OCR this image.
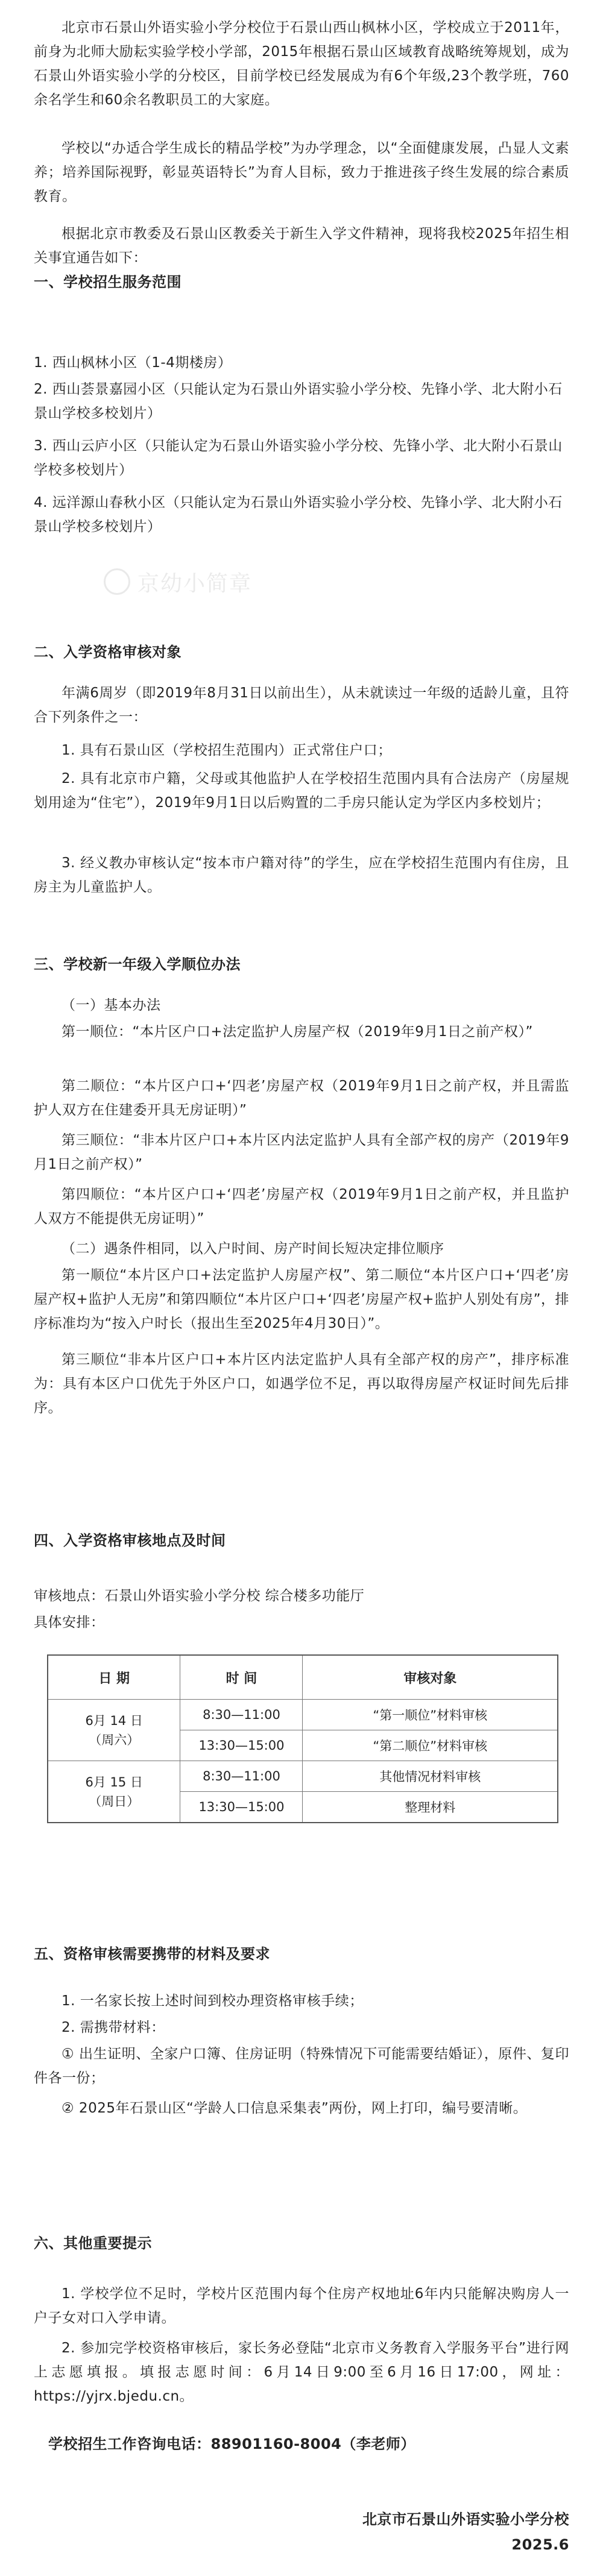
北京市石景山外语实验小学分校位于石景山西山枫林小区，学校成立于2011年，前身为北师大励耘实验学校小学部，2015年根据石景山区域教育战略统筹规划，成为石景山外语实验小学的分校区，目前学校已经发展成为有6个年级,23个教学班，760余名学生和60余名教职员工的大家庭。

学校以“办适合学生成长的精品学校”为办学理念，以“全面健康发展，凸显人文素养；培养国际视野，彰显英语特长”为育人目标，致力于推进孩子终生发展的综合素质教育。

根据北京市教委及石景山区教委关于新生入学文件精神，现将我校2025年招生相关事宜通告如下：

一、学校招生服务范围

1. 西山枫林小区（1-4期楼房）

2. 西山荟景嘉园小区（只能认定为石景山外语实验小学分校、先锋小学、北大附小石景山学校多校划片）

3. 西山云庐小区（只能认定为石景山外语实验小学分校、先锋小学、北大附小石景山学校多校划片）

4. 远洋源山春秋小区（只能认定为石景山外语实验小学分校、先锋小学、北大附小石景山学校多校划片）

京幼小简章
二、入学资格审核对象

年满6周岁（即2019年8月31日以前出生），从未就读过一年级的适龄儿童，且符合下列条件之一：

1. 具有石景山区（学校招生范围内）正式常住户口；

2. 具有北京市户籍，父母或其他监护人在学校招生范围内具有合法房产（房屋规划用途为“住宅”），2019年9月1日以后购置的二手房只能认定为学区内多校划片；

3. 经义教办审核认定“按本市户籍对待”的学生，应在学校招生范围内有住房，且房主为儿童监护人。

三、学校新一年级入学顺位办法

（一）基本办法

第一顺位：“本片区户口+法定监护人房屋产权（2019年9月1日之前产权）”

第二顺位：“本片区户口+‘四老’房屋产权（2019年9月1日之前产权，并且需监护人双方在住建委开具无房证明）”

第三顺位：“非本片区户口+本片区内法定监护人具有全部产权的房产（2019年9月1日之前产权）”

第四顺位：“本片区户口+‘四老’房屋产权（2019年9月1日之前产权，并且监护人双方不能提供无房证明）”

（二）遇条件相同，以入户时间、房产时间长短决定排位顺序

第一顺位“本片区户口+法定监护人房屋产权”、第二顺位“本片区户口+‘四老’房屋产权+监护人无房”和第四顺位“本片区户口+‘四老’房屋产权+监护人别处有房”，排序标准均为“按入户时长（报出生至2025年4月30日）”。

第三顺位“非本片区户口+本片区内法定监护人具有全部产权的房产”，排序标准为：具有本区户口优先于外区户口，如遇学位不足，再以取得房屋产权证时间先后排序。

四、入学资格审核地点及时间

审核地点：石景山外语实验小学分校 综合楼多功能厅

具体安排：

日 期	时 间	审核对象

6月 14 日
（周六）	8:30—11:00	“第一顺位”材料审核
	13:30—15:00	“第二顺位”材料审核

6月 15 日
（周日）	8:30—11:00	其他情况材料审核
	13:30—15:00	整理材料
五、资格审核需要携带的材料及要求

1. 一名家长按上述时间到校办理资格审核手续；

2. 需携带材料：

① 出生证明、全家户口簿、住房证明（特殊情况下可能需要结婚证），原件、复印件各一份；

② 2025年石景山区“学龄人口信息采集表”两份，网上打印，编号要清晰。

六、其他重要提示

1. 学校学位不足时，学校片区范围内每个住房产权地址6年内只能解决购房人一户子女对口入学申请。

2. 参加完学校资格审核后，家长务必登陆“北京市义务教育入学服务平台”进行网上志愿填报。填报志愿时间：6月14日9:00至6月16日17:00，网址：https://yjrx.bjedu.cn。

学校招生工作咨询电话：88901160-8004（李老师）
北京市石景山外语实验小学分校
2025.6
